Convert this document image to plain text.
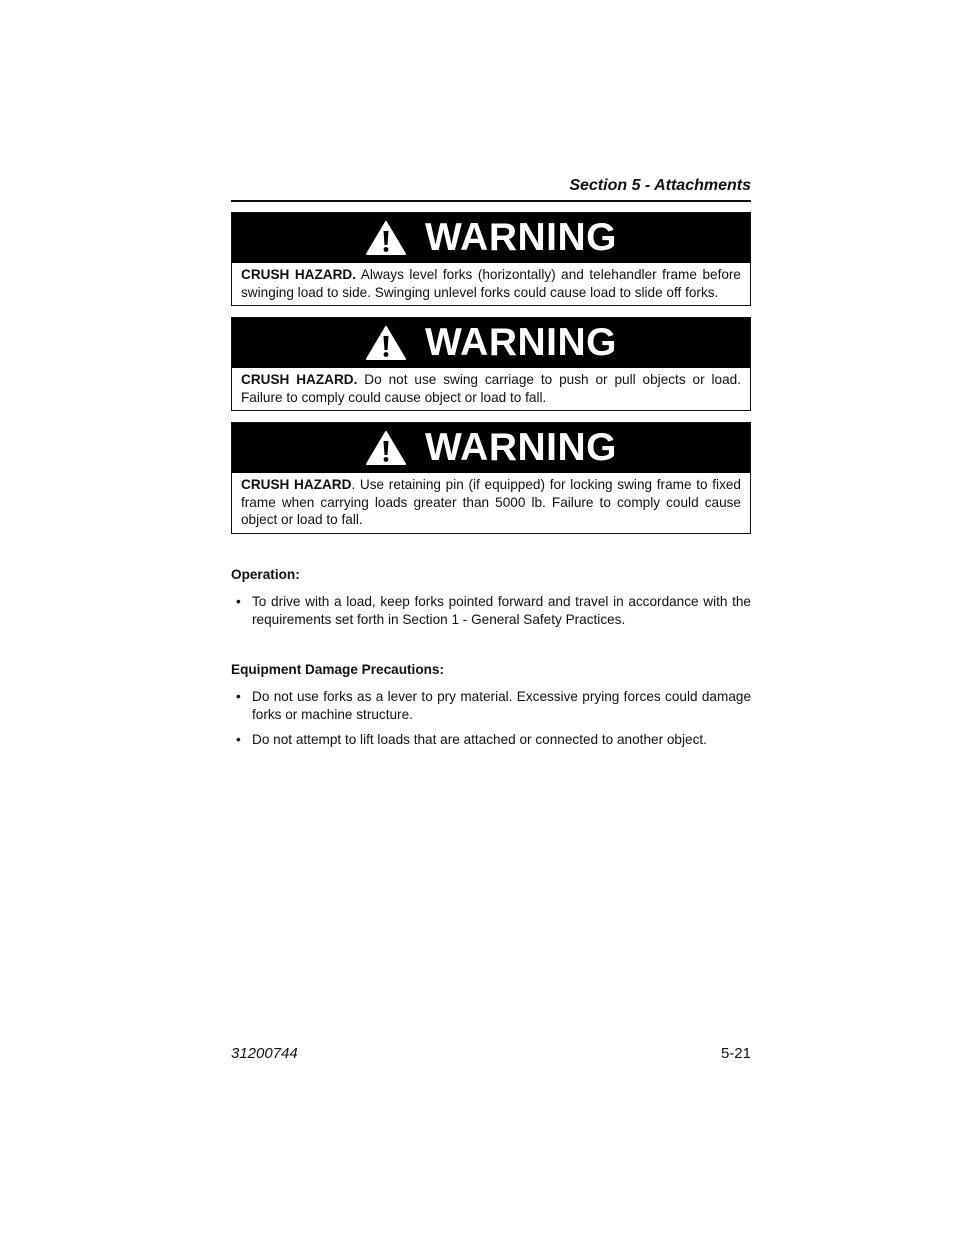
Section 5 - Attachments
WARNING
CRUSH HAZARD. Always level forks (horizontally) and telehandler frame before swinging load to side. Swinging unlevel forks could cause load to slide off forks.
WARNING
CRUSH HAZARD. Do not use swing carriage to push or pull objects or load. Failure to comply could cause object or load to fall.
WARNING
CRUSH HAZARD. Use retaining pin (if equipped) for locking swing frame to fixed frame when carrying loads greater than 5000 lb. Failure to comply could cause object or load to fall.
Operation:
• To drive with a load, keep forks pointed forward and travel in accordance with the requirements set forth in Section 1 - General Safety Practices.
Equipment Damage Precautions:
• Do not use forks as a lever to pry material. Excessive prying forces could damage forks or machine structure.
• Do not attempt to lift loads that are attached or connected to another object.
31200744	5-21
